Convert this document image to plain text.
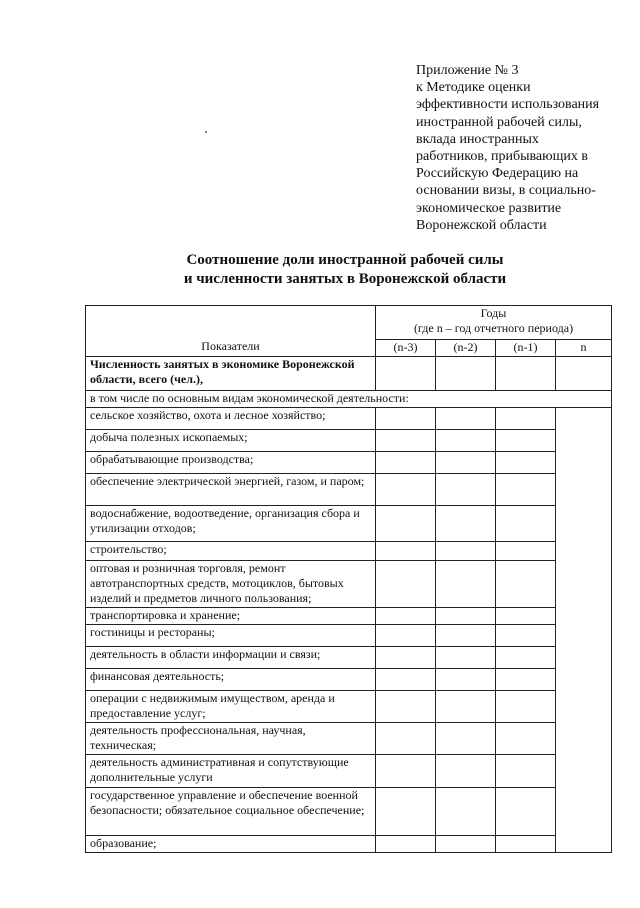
Приложение № 3
к Методике оценки
эффективности использования
иностранной рабочей силы,
вклада иностранных
работников, прибывающих в
Российскую Федерацию на
основании визы, в социально-
экономическое развитие
Воронежской области
Соотношение доли иностранной рабочей силы
и численности занятых в Воронежской области
Показатели	Годы
(где n – год отчетного периода)			

	(n-3)	(n-2)	(n-1)	n
Численность занятых в экономике Воронежской области, всего (чел.),				
в том числе по основным видам экономической деятельности:				
сельское хозяйство, охота и лесное хозяйство;				
добыча полезных ископаемых;				
обрабатывающие производства;				
обеспечение электрической энергией, газом, и паром;				
водоснабжение, водоотведение, организация сбора и утилизации отходов;				
строительство;				
оптовая и розничная торговля, ремонт автотранспортных средств, мотоциклов, бытовых изделий и предметов личного пользования;				
транспортировка и хранение;				
гостиницы и рестораны;				
деятельность в области информации и связи;				
финансовая деятельность;				
операции с недвижимым имуществом, аренда и предоставление услуг;				
деятельность профессиональная, научная, техническая;				
деятельность административная и сопутствующие дополнительные услуги				
государственное управление и обеспечение военной безопасности; обязательное социальное обеспечение;				
образование;				
